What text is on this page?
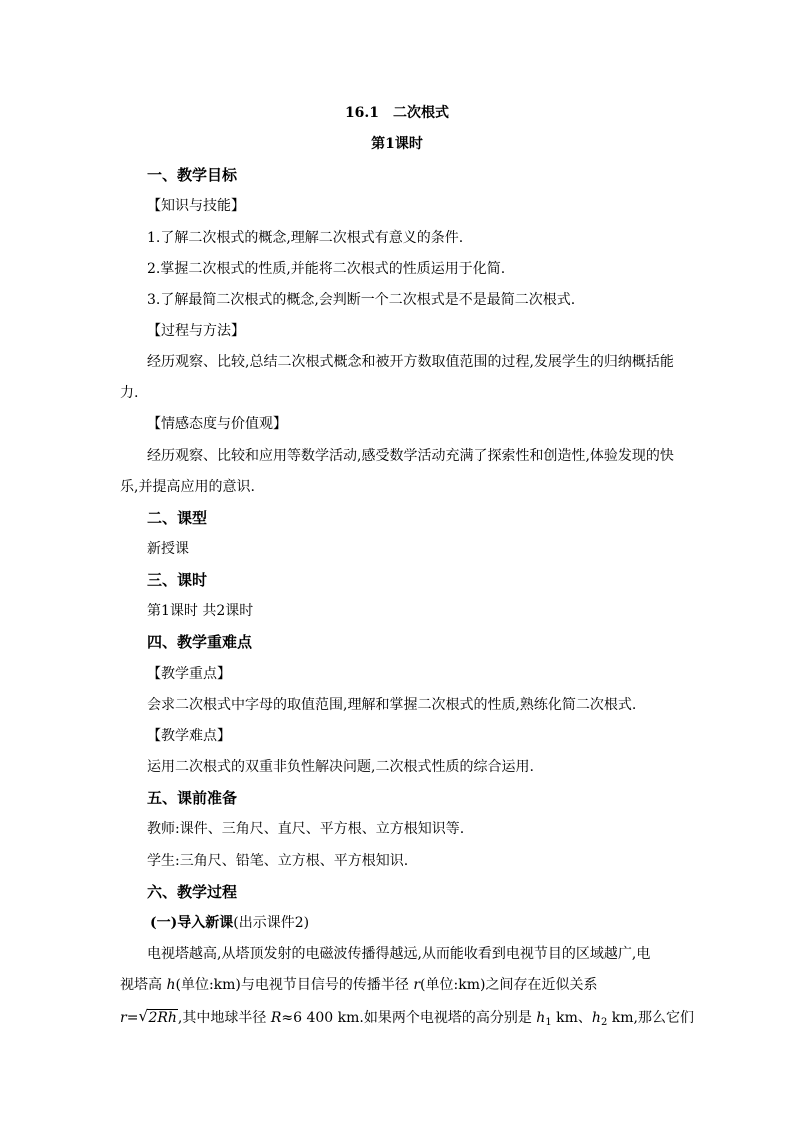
16.1　二次根式
第1课时
一、教学目标
【知识与技能】
1.了解二次根式的概念,理解二次根式有意义的条件.
2.掌握二次根式的性质,并能将二次根式的性质运用于化简.
3.了解最简二次根式的概念,会判断一个二次根式是不是最简二次根式.
【过程与方法】
经历观察、比较,总结二次根式概念和被开方数取值范围的过程,发展学生的归纳概括能
力.
【情感态度与价值观】
经历观察、比较和应用等数学活动,感受数学活动充满了探索性和创造性,体验发现的快
乐,并提高应用的意识.
二、课型
新授课
三、课时
第1课时 共2课时
四、教学重难点
【教学重点】
会求二次根式中字母的取值范围,理解和掌握二次根式的性质,熟练化简二次根式.
【教学难点】
运用二次根式的双重非负性解决问题,二次根式性质的综合运用.
五、课前准备
教师:课件、三角尺、直尺、平方根、立方根知识等.
学生:三角尺、铅笔、立方根、平方根知识.
六、教学过程
(一)导入新课(出示课件2)
电视塔越高,从塔顶发射的电磁波传播得越远,从而能收看到电视节目的区域越广,电
视塔高 h(单位:km)与电视节目信号的传播半径 r(单位:km)之间存在近似关系
r= √ 2Rh,其中地球半径 R≈6 400 km.如果两个电视塔的高分别是 $h_1$ km、$h_2$ km,那么它们
